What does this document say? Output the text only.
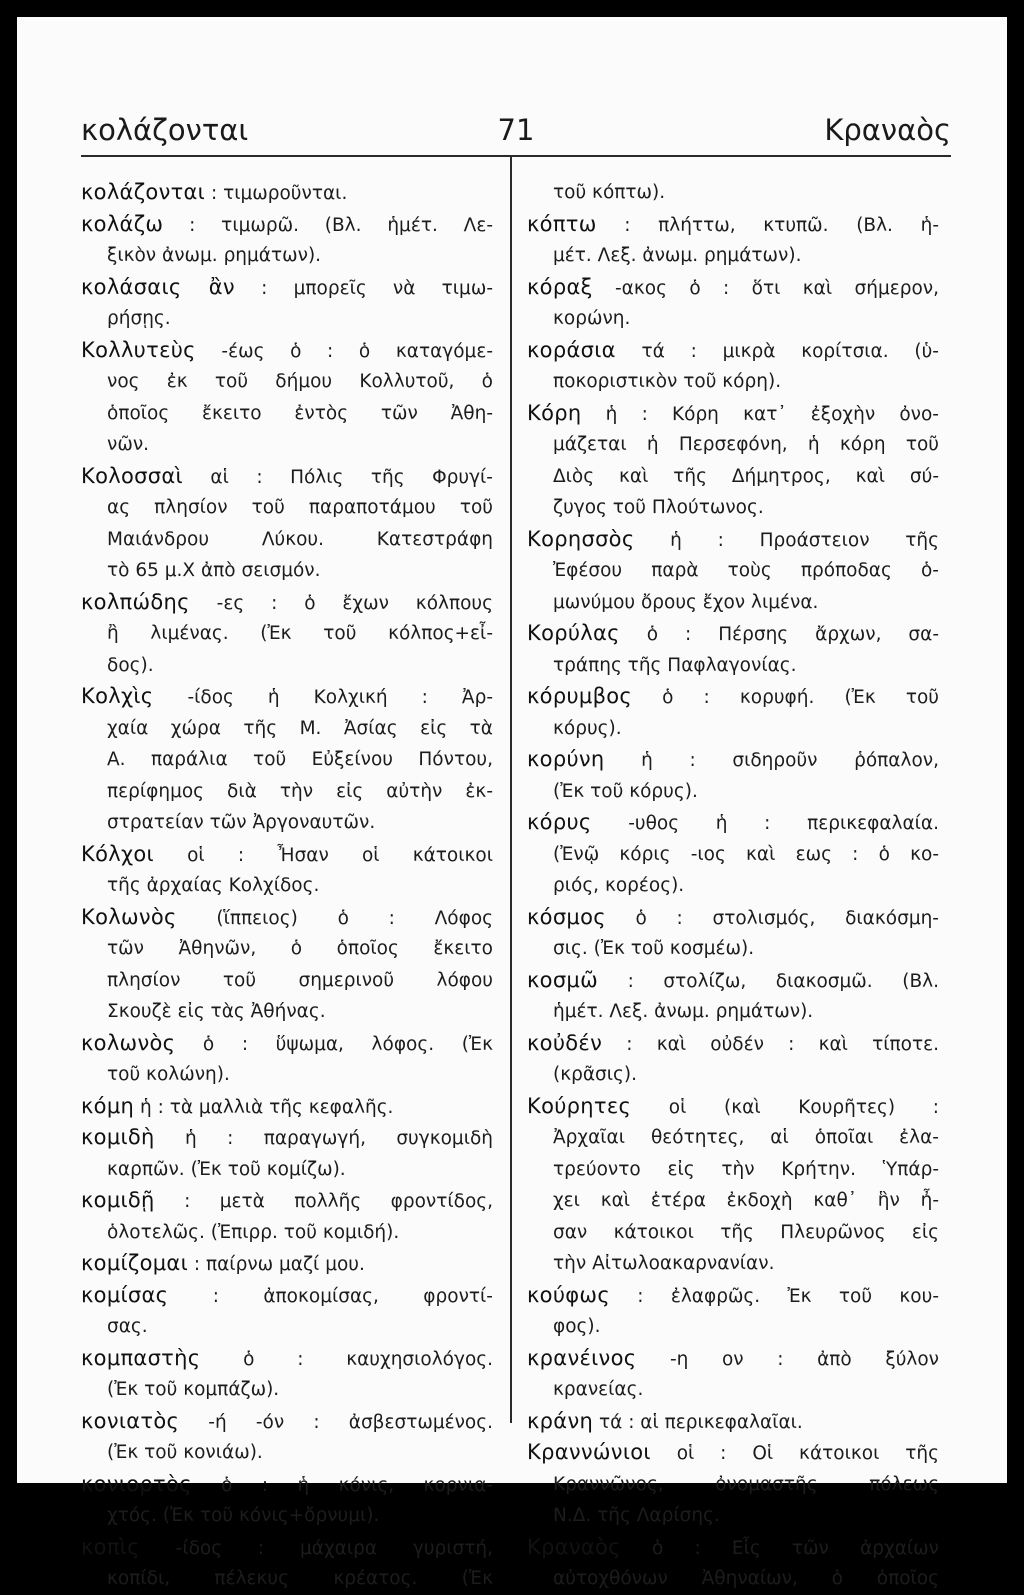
κολάζονται	71	Κραναὸς
κολάζονται : τιμωροῦνται.
κολάζω : τιμωρῶ. (Βλ. ἡμέτ. Λε-
ξικὸν ἀνωμ. ρημάτων).
κολάσαις ἂν : μπορεῖς νὰ τιμω-
ρήσῃς.
Κολλυτεὺς -έως ὁ : ὁ καταγόμε-
νος ἐκ τοῦ δήμου Κολλυτοῦ, ὁ
ὁποῖος ἔκειτο ἐντὸς τῶν Ἀθη-
νῶν.
Κολοσσαὶ αἱ : Πόλις τῆς Φρυγί-
ας πλησίον τοῦ παραποτάμου τοῦ
Μαιάνδρου Λύκου. Κατεστράφη
τὸ 65 μ.Χ ἀπὸ σεισμόν.
κολπώδης -ες : ὁ ἔχων κόλπους
ἢ λιμένας. (Ἐκ τοῦ κόλπος+εἶ-
δος).
Κολχὶς -ίδος ἡ Κολχική : Ἀρ-
χαία χώρα τῆς Μ. Ἀσίας εἰς τὰ
Α. παράλια τοῦ Εὐξείνου Πόντου,
περίφημος διὰ τὴν εἰς αὐτὴν ἐκ-
στρατείαν τῶν Ἀργοναυτῶν.
Κόλχοι οἱ : Ἦσαν οἱ κάτοικοι
τῆς ἀρχαίας Κολχίδος.
Κολωνὸς (ἵππειος) ὁ : Λόφος
τῶν Ἀθηνῶν, ὁ ὁποῖος ἔκειτο
πλησίον τοῦ σημερινοῦ λόφου
Σκουζὲ εἰς τὰς Ἀθήνας.
κολωνὸς ὁ : ὕψωμα, λόφος. (Ἐκ
τοῦ κολώνη).
κόμη ἡ : τὰ μαλλιὰ τῆς κεφαλῆς.
κομιδὴ ἡ : παραγωγή, συγκομιδὴ
καρπῶν. (Ἐκ τοῦ κομίζω).
κομιδῇ : μετὰ πολλῆς φροντίδος,
ὁλοτελῶς. (Ἐπιρρ. τοῦ κομιδή).
κομίζομαι : παίρνω μαζί μου.
κομίσας : ἀποκομίσας, φροντί-
σας.
κομπαστὴς ὁ : καυχησιολόγος.
(Ἐκ τοῦ κομπάζω).
κονιατὸς -ή -όν : ἀσβεστωμένος.
(Ἐκ τοῦ κονιάω).
κονιορτὸς ὁ : ἡ κόνις, κορνια-
χτός. (Ἐκ τοῦ κόνις+ὄρνυμι).
κοπὶς -ίδος : μάχαιρα γυριστή,
κοπίδι, πέλεκυς κρέατος. (Ἐκ
τοῦ κόπτω).
κόπτω : πλήττω, κτυπῶ. (Βλ. ἡ-
μέτ. Λεξ. ἀνωμ. ρημάτων).
κόραξ -ακος ὁ : ὅτι καὶ σήμερον,
κορώνη.
κοράσια τά : μικρὰ κορίτσια. (ὑ-
ποκοριστικὸν τοῦ κόρη).
Κόρη ἡ : Κόρη κατ᾽ ἐξοχὴν ὀνο-
μάζεται ἡ Περσεφόνη, ἡ κόρη τοῦ
Διὸς καὶ τῆς Δήμητρος, καὶ σύ-
ζυγος τοῦ Πλούτωνος.
Κορησσὸς ἡ : Προάστειον τῆς
Ἐφέσου παρὰ τοὺς πρόποδας ὁ-
μωνύμου ὄρους ἔχον λιμένα.
Κορύλας ὁ : Πέρσης ἄρχων, σα-
τράπης τῆς Παφλαγονίας.
κόρυμβος ὁ : κορυφή. (Ἐκ τοῦ
κόρυς).
κορύνη ἡ : σιδηροῦν ῥόπαλον,
(Ἐκ τοῦ κόρυς).
κόρυς -υθος ἡ : περικεφαλαία.
(Ἐνῷ κόρις -ιος καὶ εως : ὁ κο-
ριός, κορέος).
κόσμος ὁ : στολισμός, διακόσμη-
σις. (Ἐκ τοῦ κοσμέω).
κοσμῶ : στολίζω, διακοσμῶ. (Βλ.
ἡμέτ. Λεξ. ἀνωμ. ρημάτων).
κοὐδέν : καὶ οὐδέν : καὶ τίποτε.
(κρᾶσις).
Κούρητες οἱ (καὶ Κουρῆτες) :
Ἀρχαῖαι θεότητες, αἱ ὁποῖαι ἐλα-
τρεύοντο εἰς τὴν Κρήτην. Ὑπάρ-
χει καὶ ἑτέρα ἐκδοχὴ καθ᾽ ἣν ἦ-
σαν κάτοικοι τῆς Πλευρῶνος εἰς
τὴν Αἰτωλοακαρνανίαν.
κούφως : ἐλαφρῶς. Ἐκ τοῦ κου-
φος).
κρανέινος -η ον : ἀπὸ ξύλον
κρανείας.
κράνη τά : αἱ περικεφαλαῖαι.
Κραννώνιοι οἱ : Οἱ κάτοικοι τῆς
Κραννῶνος, ὀνομαστῆς πόλεως
Ν.Δ. τῆς Λαρίσης.
Κραναὸς ὁ : Εἷς τῶν ἀρχαίων
αὐτοχθόνων Ἀθηναίων, ὁ ὁποῖος
